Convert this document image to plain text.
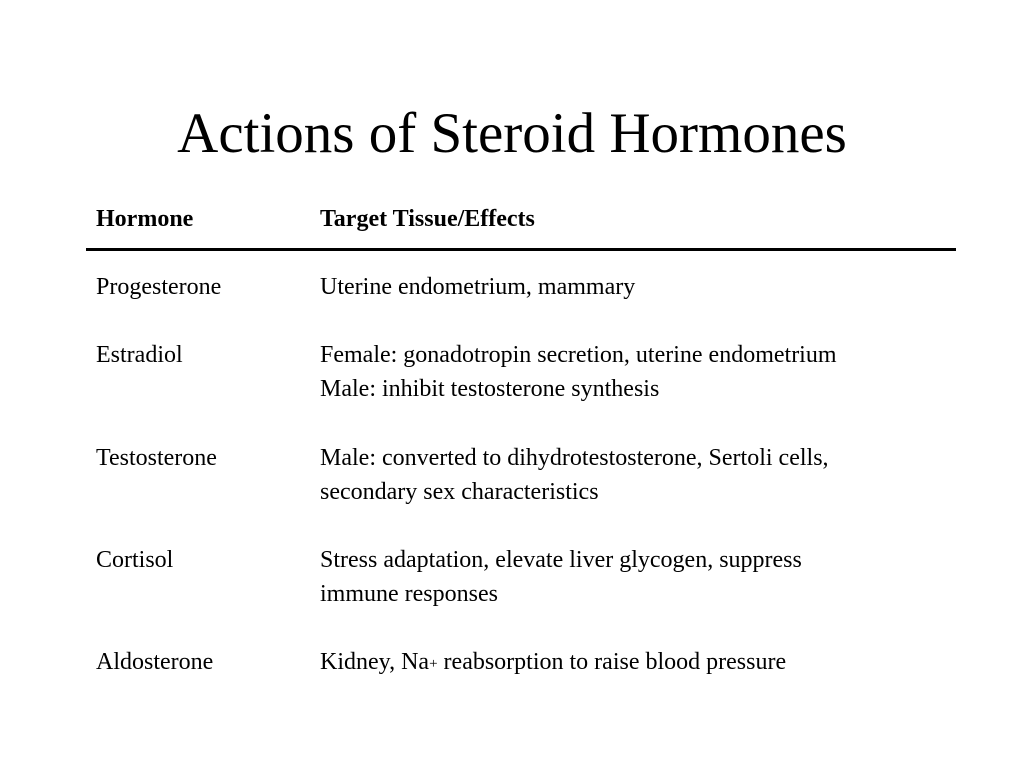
Actions of Steroid Hormones
Hormone	Target Tissue/Effects
Progesterone	Uterine endometrium, mammary
Estradiol	Female: gonadotropin secretion, uterine endometrium
Male: inhibit testosterone synthesis
Testosterone	Male: converted to dihydrotestosterone, Sertoli cells,
secondary sex characteristics
Cortisol	Stress adaptation, elevate liver glycogen, suppress
immune responses
Aldosterone	Kidney, Na+ reabsorption to raise blood pressure
